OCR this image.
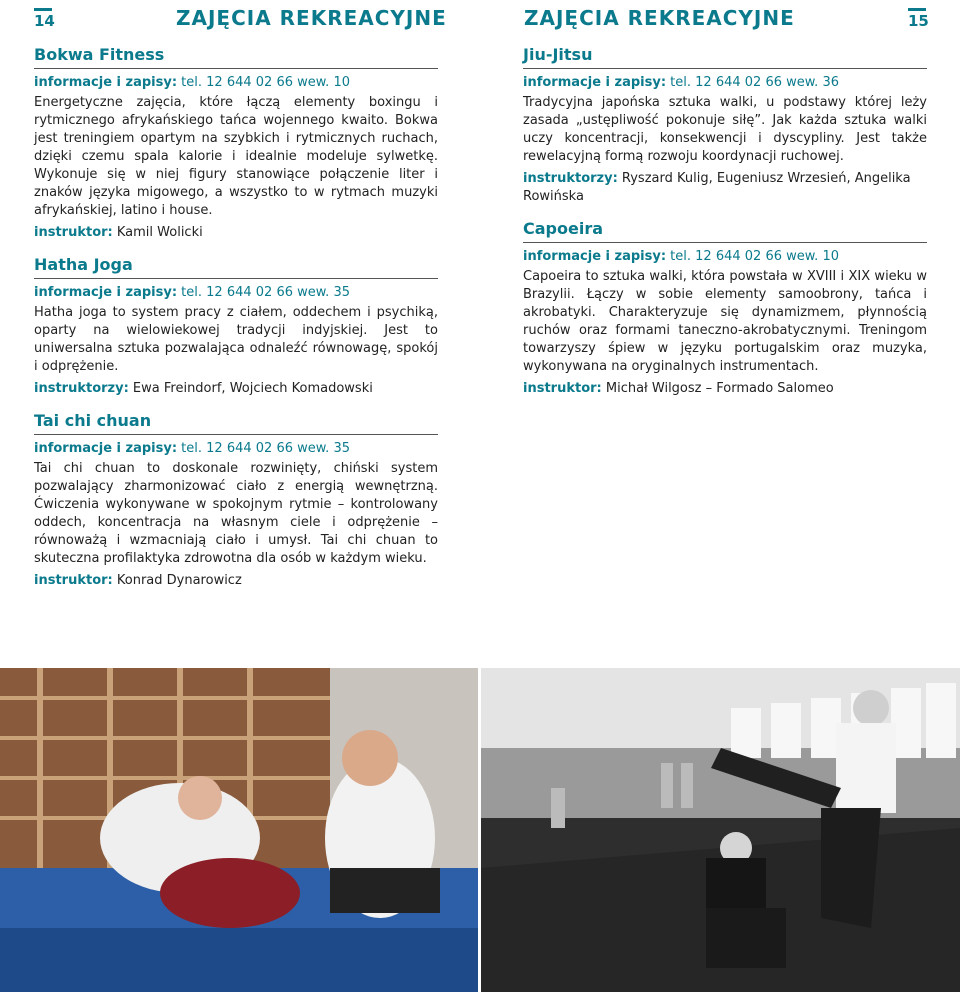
14	ZAJĘCIA REKREACYJNE	ZAJĘCIA REKREACYJNE	15
Bokwa Fitness
informacje i zapisy: tel. 12 644 02 66 wew. 10
Energetyczne zajęcia, które łączą elementy boxingu i rytmicznego afrykańskiego tańca wojennego kwaito. Bokwa jest treningiem opartym na szybkich i rytmicznych ruchach, dzięki czemu spala kalorie i idealnie modeluje sylwetkę. Wykonuje się w niej figury stanowiące połączenie liter i znaków języka migowego, a wszystko to w rytmach muzyki afrykańskiej, latino i house.
instruktor: Kamil Wolicki
Hatha Joga
informacje i zapisy: tel. 12 644 02 66 wew. 35
Hatha joga to system pracy z ciałem, oddechem i psychiką, oparty na wielowiekowej tradycji indyjskiej. Jest to uniwersalna sztuka pozwalająca odnaleźć równowagę, spokój i odprężenie.
instruktorzy: Ewa Freindorf, Wojciech Komadowski
Tai chi chuan
informacje i zapisy: tel. 12 644 02 66 wew. 35
Tai chi chuan to doskonale rozwinięty, chiński system pozwalający zharmonizować ciało z energią wewnętrzną. Ćwiczenia wykonywane w spokojnym rytmie – kontrolowany oddech, koncentracja na własnym ciele i odprężenie – równoważą i wzmacniają ciało i umysł. Tai chi chuan to skuteczna profilaktyka zdrowotna dla osób w każdym wieku.
instruktor: Konrad Dynarowicz
Jiu-Jitsu
informacje i zapisy: tel. 12 644 02 66 wew. 36
Tradycyjna japońska sztuka walki, u podstawy której leży zasada „ustępliwość pokonuje siłę”. Jak każda sztuka walki uczy koncentracji, konsekwencji i dyscypliny. Jest także rewelacyjną formą rozwoju koordynacji ruchowej.
instruktorzy: Ryszard Kulig, Eugeniusz Wrzesień, Angelika Rowińska
Capoeira
informacje i zapisy: tel. 12 644 02 66 wew. 10
Capoeira to sztuka walki, która powstała w XVIII i XIX wieku w Brazylii. Łączy w sobie elementy samoobrony, tańca i akrobatyki. Charakteryzuje się dynamizmem, płynnością ruchów oraz formami taneczno-akrobatycznymi. Treningom towarzyszy śpiew w języku portugalskim oraz muzyka, wykonywana na oryginalnych instrumentach.
instruktor: Michał Wilgosz – Formado Salomeo
